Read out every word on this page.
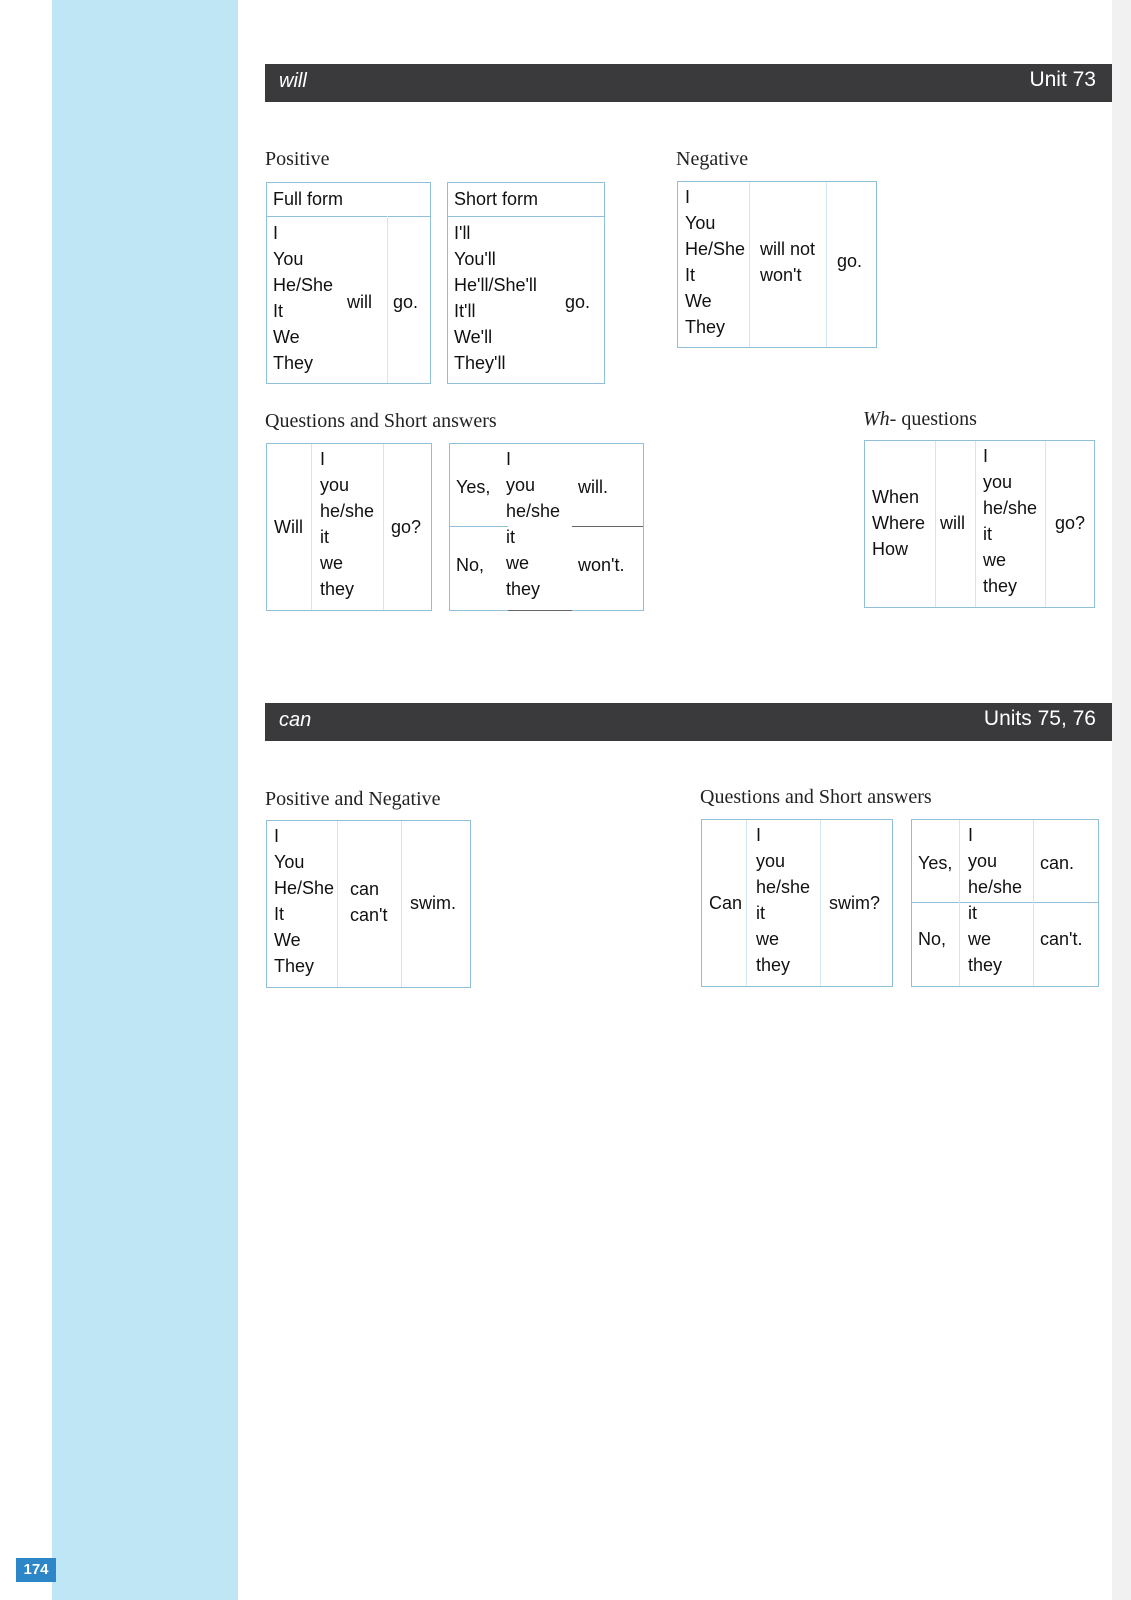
174
will	Unit 73
Positive
Full form
I
You
He/She
It
We
They
will go.
Short form
I'll
You'll
He'll/She'll
It'll
We'll
They'll
go.
Negative
I
You
He/She
It
We
They
will not
won't
go.
Questions and Short answers
Will
I
you
he/she
it
we
they
go?
Yes,
No,
I
you
he/she
it
we
they
will.
won't.
Wh- questions
When
Where
How
will
I
you
he/she
it
we
they
go?
can	Units 75, 76
Positive and Negative
I
You
He/She
It
We
They
can
can't
swim.
Questions and Short answers
Can
I
you
he/she
it
we
they
swim?
Yes,
No,
I
you
he/she
it
we
they
can.
can't.
